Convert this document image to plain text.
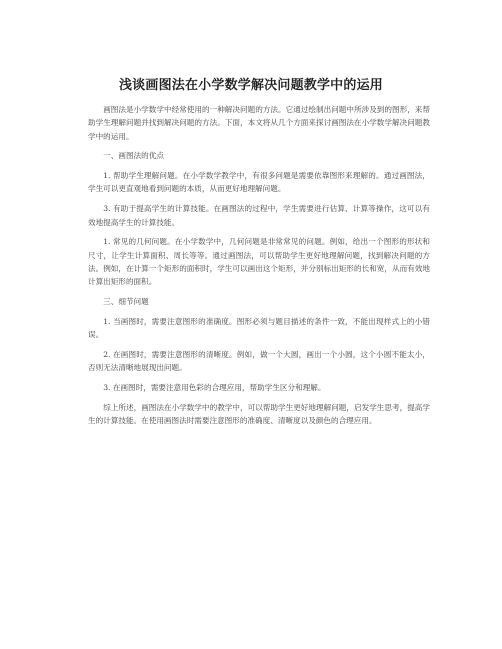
浅谈画图法在小学数学解决问题教学中的运用

画图法是小学数学中经常使用的一种解决问题的方法。它通过绘制出问题中所涉及到的图形，来帮助学生理解问题并找到解决问题的方法。下面，本文将从几个方面来探讨画图法在小学数学解决问题教学中的运用。

一、画图法的优点

1. 帮助学生理解问题。在小学数学教学中，有很多问题是需要依靠图形来理解的。通过画图法，学生可以更直观地看到问题的本质，从而更好地理解问题。

3. 有助于提高学生的计算技能。在画图法的过程中，学生需要进行估算、计算等操作，这可以有效地提高学生的计算技能。

1. 常见的几何问题。在小学数学中，几何问题是非常常见的问题。例如，给出一个图形的形状和尺寸，让学生计算面积、周长等等。通过画图法，可以帮助学生更好地理解问题，找到解决问题的方法。例如，在计算一个矩形的面积时，学生可以画出这个矩形，并分别标出矩形的长和宽，从而有效地计算出矩形的面积。

三、细节问题

1. 当画图时，需要注意图形的准确度。图形必须与题目描述的条件一致，不能出现样式上的小错误。

2. 在画图时，需要注意图形的清晰度。例如，做一个大圆，画出一个小圆，这个小圆不能太小，否则无法清晰地展现出问题。

3. 在画图时，需要注意用色彩的合理应用，帮助学生区分和理解。

综上所述，画图法在小学数学中的教学中，可以帮助学生更好地理解问题，启发学生思考，提高学生的计算技能。在使用画图法时需要注意图形的准确度、清晰度以及颜色的合理应用。
